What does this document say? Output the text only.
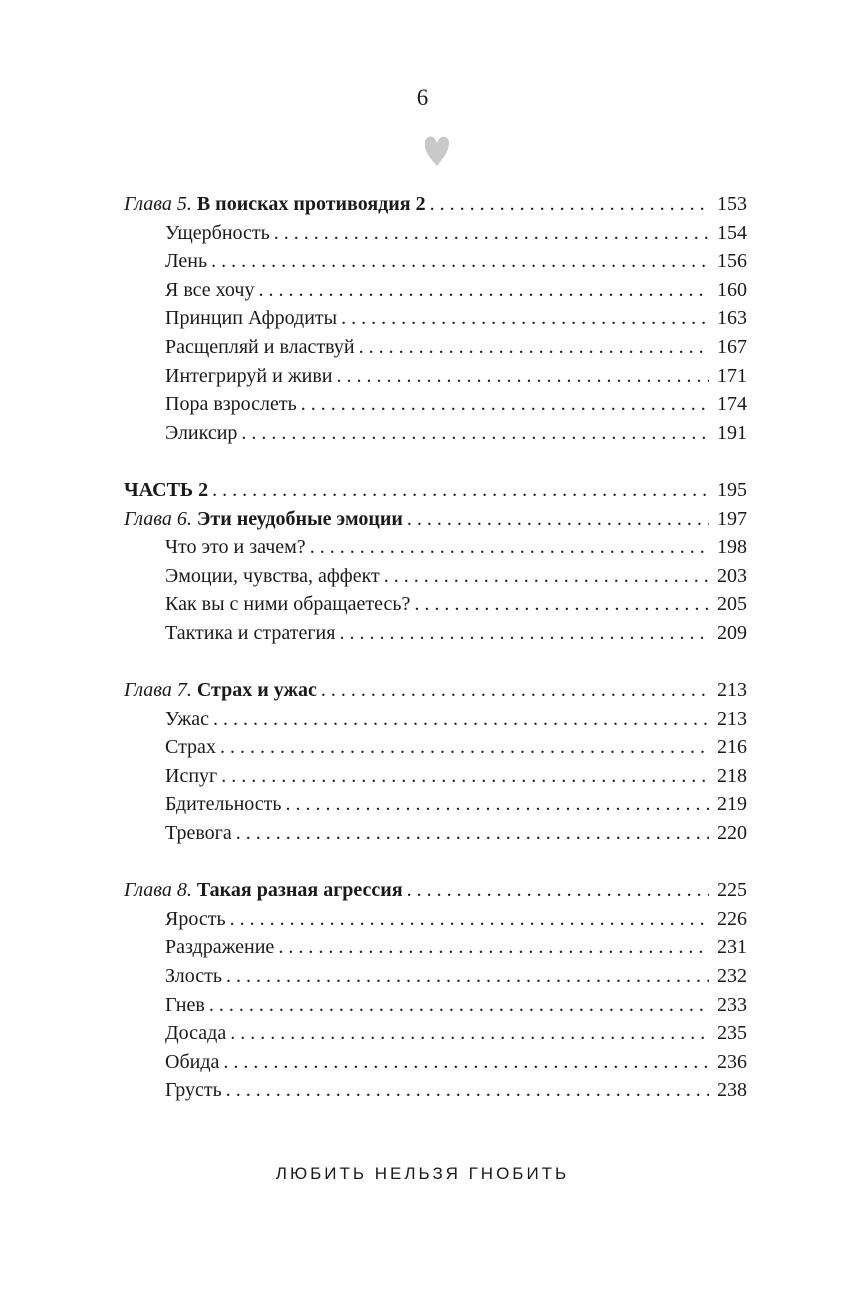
6
Глава 5. В поисках противоядия 2 . . .	153
Ущербность . . .	154
Лень . . .	156
Я все хочу . . .	160
Принцип Афродиты . . .	163
Расщепляй и властвуй . . .	167
Интегрируй и живи . . .	171
Пора взрослеть . . .	174
Эликсир . . .	191
ЧАСТЬ 2 . . .	195
Глава 6. Эти неудобные эмоции . . .	197
Что это и зачем? . . .	198
Эмоции, чувства, аффект . . .	203
Как вы с ними обращаетесь? . . .	205
Тактика и стратегия . . .	209
Глава 7. Страх и ужас . . .	213
Ужас . . .	213
Страх . . .	216
Испуг . . .	218
Бдительность . . .	219
Тревога . . .	220
Глава 8. Такая разная агрессия . . .	225
Ярость . . .	226
Раздражение . . .	231
Злость . . .	232
Гнев . . .	233
Досада . . .	235
Обида . . .	236
Грусть . . .	238
ЛЮБИТЬ НЕЛЬЗЯ ГНОБИТЬ
